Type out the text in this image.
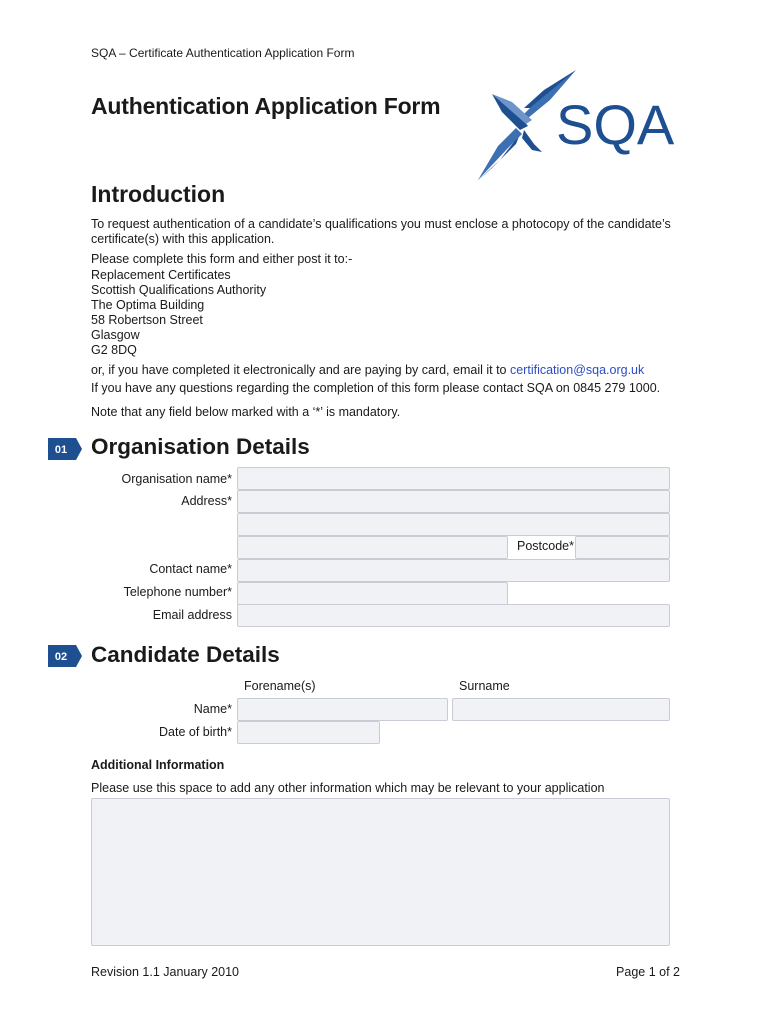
SQA – Certificate Authentication Application Form
Authentication Application Form SQA
Introduction
To request authentication of a candidate’s qualifications you must enclose a photocopy of the candidate’s
certificate(s) with this application.
Please complete this form and either post it to:-
Replacement Certificates
Scottish Qualifications Authority
The Optima Building
58 Robertson Street
Glasgow
G2 8DQ
or, if you have completed it electronically and are paying by card, email it to certification@sqa.org.uk
If you have any questions regarding the completion of this form please contact SQA on 0845 279 1000.
Note that any field below marked with a ‘*’ is mandatory.
01 Organisation Details
Organisation name*
Address*
Postcode*
Contact name*
Telephone number*
Email address
02 Candidate Details
Forename(s)	Surname
Name*
Date of birth*
Additional Information
Please use this space to add any other information which may be relevant to your application
Revision 1.1 January 2010	Page 1 of 2
